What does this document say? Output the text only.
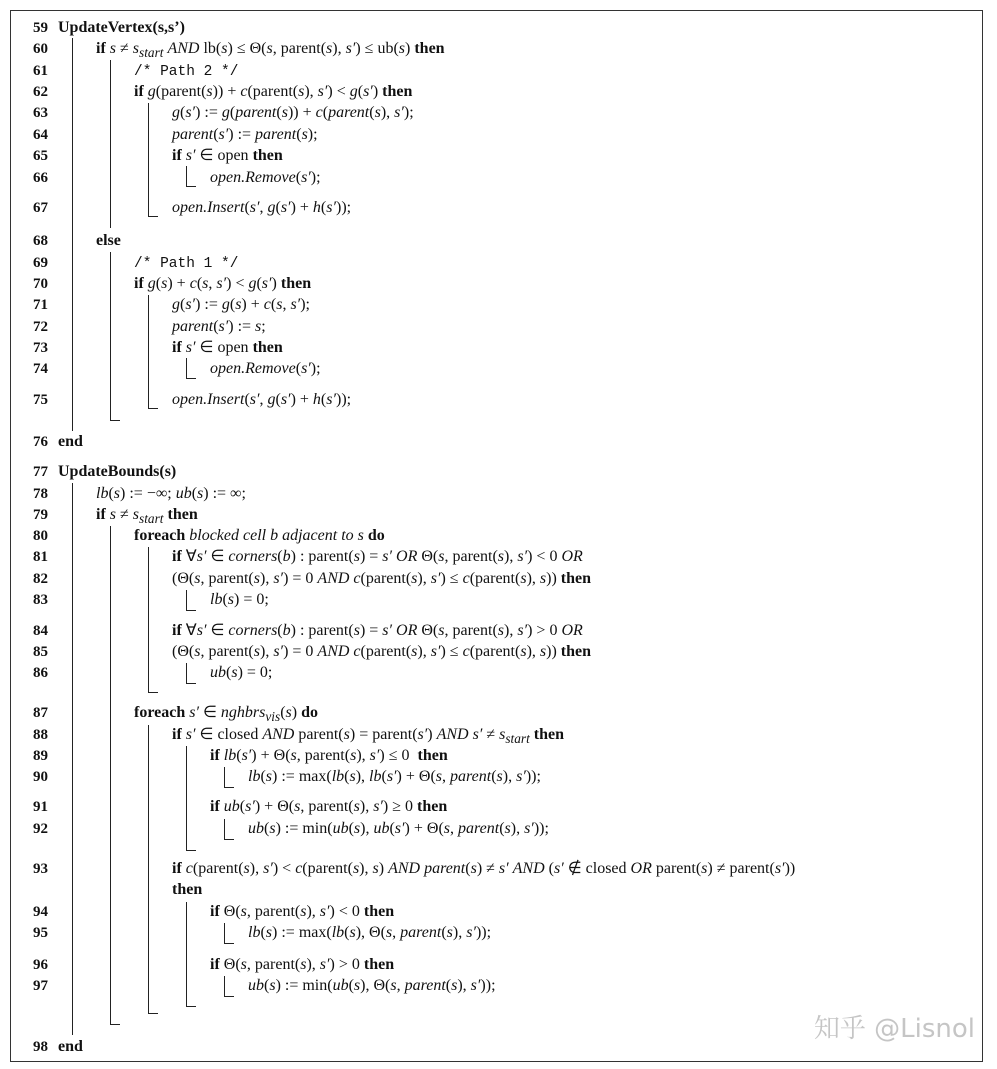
59 UpdateVertex(s,s’)
60	if $s \ne s_{start}$ AND lb(s) ≤ Θ(s, parent(s), s′) ≤ ub(s) then
61	/* Path 2 */
62	if g(parent(s)) + c(parent(s), s′) < g(s′) then
63	g(s′) := g(parent(s)) + c(parent(s), s′);
64	parent(s′) := parent(s);
65	if s′ ∈ open then
66	open.Remove(s′);
67	open.Insert(s′, g(s′) + h(s′));
68	else
69	/* Path 1 */
70	if g(s) + c(s, s′) < g(s′) then
71	g(s′) := g(s) + c(s, s′);
72	parent(s′) := s;
73	if s′ ∈ open then
74	open.Remove(s′);
75	open.Insert(s′, g(s′) + h(s′));
76 end
77 UpdateBounds(s)
78	lb(s) := −∞; ub(s) := ∞;
79	if $s \ne s_{start}$ then
80	foreach blocked cell b adjacent to s do
81	if ∀s′ ∈ corners(b) : parent(s) = s′ OR Θ(s, parent(s), s′) < 0 OR
82	(Θ(s, parent(s), s′) = 0 AND c(parent(s), s′) ≤ c(parent(s), s)) then
83	lb(s) = 0;
84	if ∀s′ ∈ corners(b) : parent(s) = s′ OR Θ(s, parent(s), s′) > 0 OR
85	(Θ(s, parent(s), s′) = 0 AND c(parent(s), s′) ≤ c(parent(s), s)) then
86	ub(s) = 0;
87	foreach s′ ∈ nghbrs$_{vis}$(s) do
88	if s′ ∈ closed AND parent(s) = parent(s′) AND $s' \ne s_{start}$ then
89	if lb(s′) + Θ(s, parent(s), s′) ≤ 0  then
90	lb(s) := max(lb(s), lb(s′) + Θ(s, parent(s), s′));
91	if ub(s′) + Θ(s, parent(s), s′) ≥ 0 then
92	ub(s) := min(ub(s), ub(s′) + Θ(s, parent(s), s′));
93	if c(parent(s), s′) < c(parent(s), s) AND parent(s) ≠ s′ AND (s′ ∉ closed OR parent(s) ≠ parent(s′))
then
94	if Θ(s, parent(s), s′) < 0 then
95	lb(s) := max(lb(s), Θ(s, parent(s), s′));
96	if Θ(s, parent(s), s′) > 0 then
97	ub(s) := min(ub(s), Θ(s, parent(s), s′));
98 end
知乎 @Lisnol
